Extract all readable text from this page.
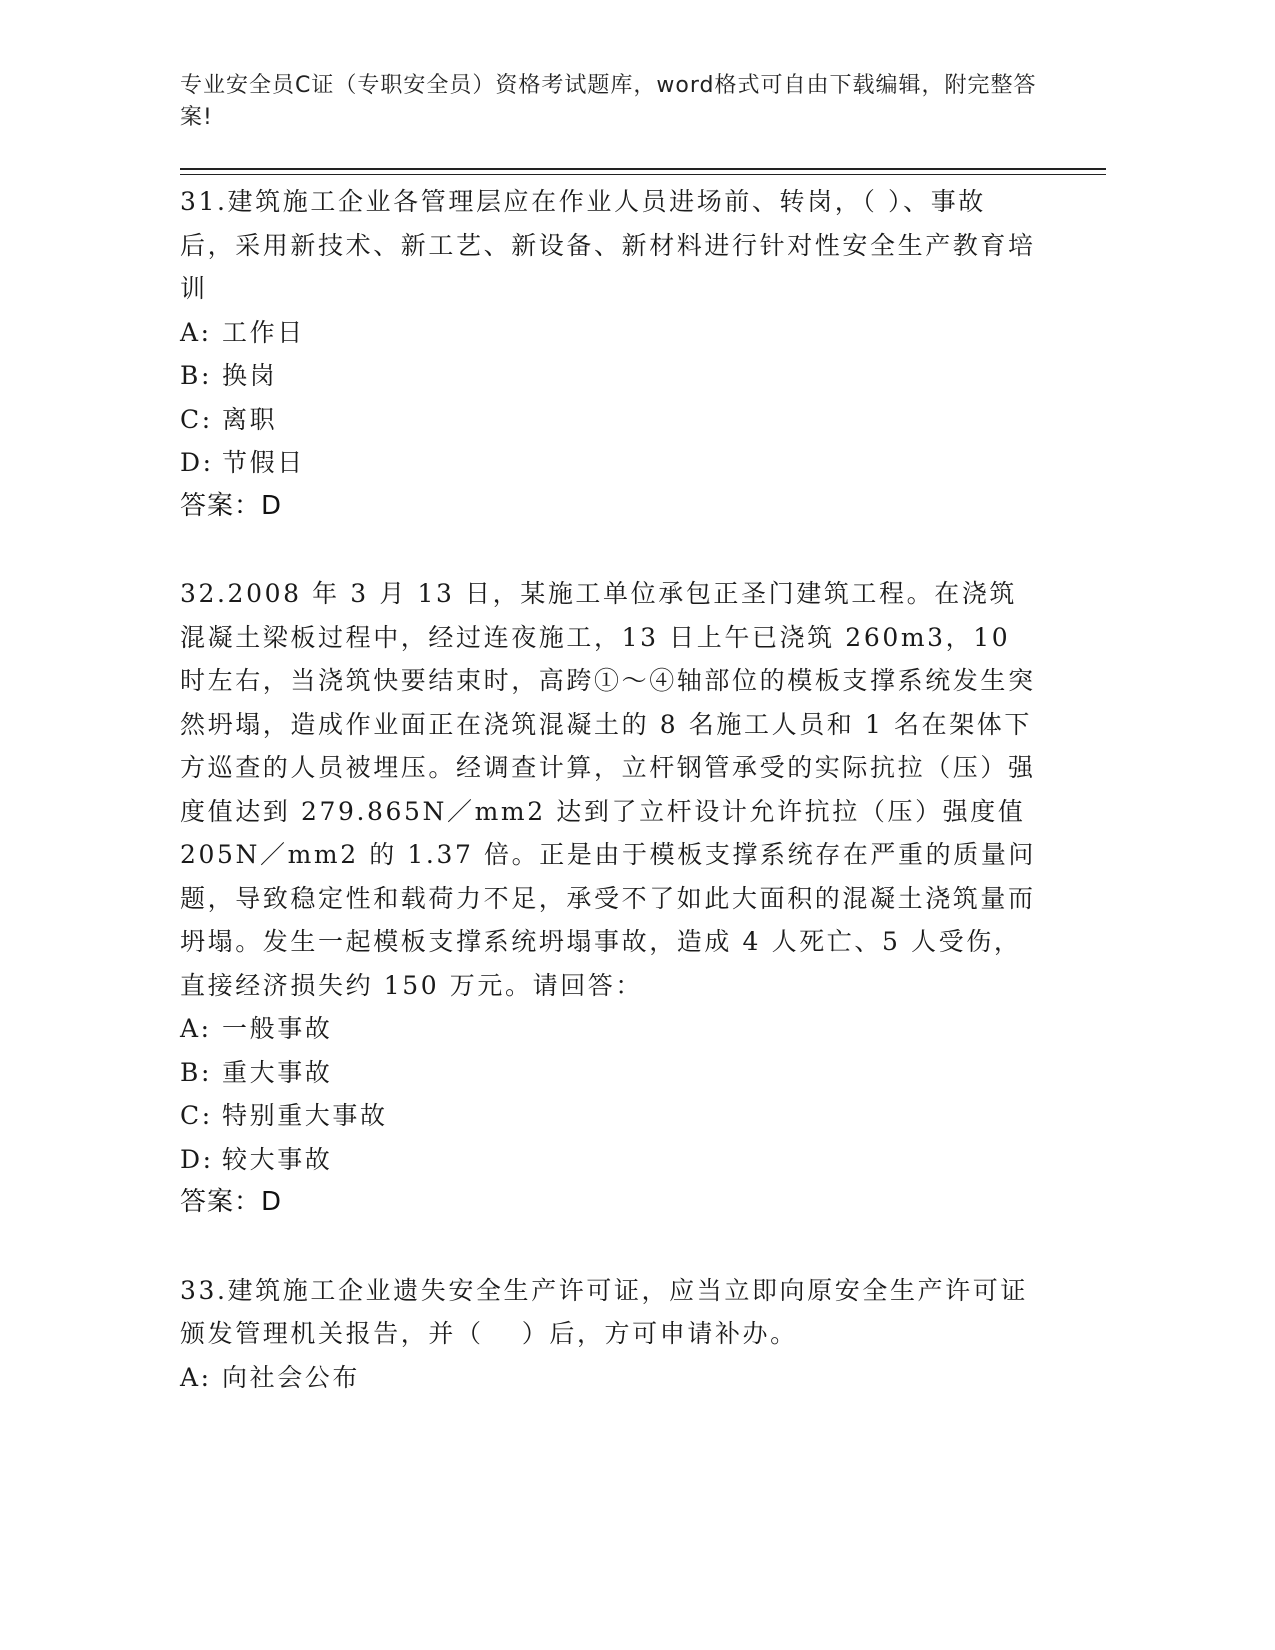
专业安全员C证（专职安全员）资格考试题库，word格式可自由下载编辑，附完整答案!

31.建筑施工企业各管理层应在作业人员进场前、转岗，（ ）、事故后，采用新技术、新工艺、新设备、新材料进行针对性安全生产教育培训

A: 工作日

B: 换岗

C: 离职

D: 节假日

答案：D

32.2008 年 3 月 13 日，某施工单位承包正圣门建筑工程。在浇筑混凝土梁板过程中，经过连夜施工，13 日上午已浇筑 260m3，10 时左右，当浇筑快要结束时，高跨①～④轴部位的模板支撑系统发生突然坍塌，造成作业面正在浇筑混凝土的 8 名施工人员和 1 名在架体下方巡查的人员被埋压。经调查计算，立杆钢管承受的实际抗拉（压）强度值达到 279.865N／mm2 达到了立杆设计允许抗拉（压）强度值 205N／mm2 的 1.37 倍。正是由于模板支撑系统存在严重的质量问题，导致稳定性和载荷力不足，承受不了如此大面积的混凝土浇筑量而坍塌。发生一起模板支撑系统坍塌事故，造成 4 人死亡、5 人受伤，直接经济损失约 150 万元。请回答：

A: 一般事故

B: 重大事故

C: 特别重大事故

D: 较大事故

答案：D

33.建筑施工企业遗失安全生产许可证，应当立即向原安全生产许可证颁发管理机关报告，并（　 ）后，方可申请补办。

A: 向社会公布
